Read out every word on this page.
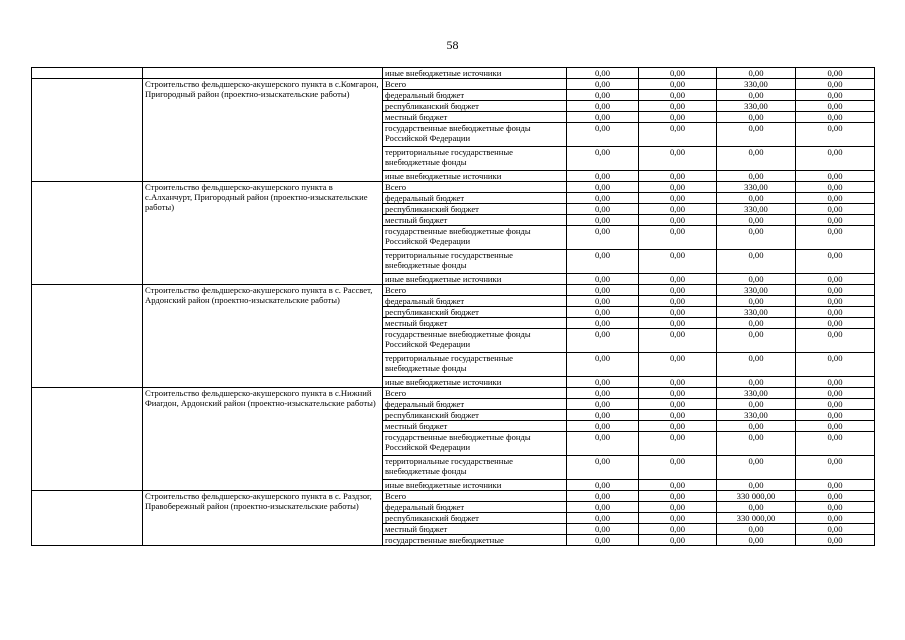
58
		иные внебюджетные источники	0,00	0,00	0,00	0,00
	Строительство фельдшерско-акушерского пункта в с.Комгарон, Пригородный район (проектно-изыскательские работы)	Всего	0,00	0,00	330,00	0,00
		федеральный бюджет	0,00	0,00	0,00	0,00
		республиканский бюджет	0,00	0,00	330,00	0,00
		местный бюджет	0,00	0,00	0,00	0,00
		государственные внебюджетные фонды Российской Федерации	0,00	0,00	0,00	0,00
		территориальные государственные внебюджетные фонды	0,00	0,00	0,00	0,00
		иные внебюджетные источники	0,00	0,00	0,00	0,00
	Строительство фельдшерско-акушерского пункта в с.Алханчурт, Пригородный район (проектно-изыскательские работы)	Всего	0,00	0,00	330,00	0,00
		федеральный бюджет	0,00	0,00	0,00	0,00
		республиканский бюджет	0,00	0,00	330,00	0,00
		местный бюджет	0,00	0,00	0,00	0,00
		государственные внебюджетные фонды Российской Федерации	0,00	0,00	0,00	0,00
		территориальные государственные внебюджетные фонды	0,00	0,00	0,00	0,00
		иные внебюджетные источники	0,00	0,00	0,00	0,00
	Строительство фельдшерско-акушерского пункта в с. Рассвет, Ардонский район (проектно-изыскательские работы)	Всего	0,00	0,00	330,00	0,00
		федеральный бюджет	0,00	0,00	0,00	0,00
		республиканский бюджет	0,00	0,00	330,00	0,00
		местный бюджет	0,00	0,00	0,00	0,00
		государственные внебюджетные фонды Российской Федерации	0,00	0,00	0,00	0,00
		территориальные государственные внебюджетные фонды	0,00	0,00	0,00	0,00
		иные внебюджетные источники	0,00	0,00	0,00	0,00
	Строительство фельдшерско-акушерского пункта в с.Нижний Фиагдон, Ардонский район (проектно-изыскательские работы)	Всего	0,00	0,00	330,00	0,00
		федеральный бюджет	0,00	0,00	0,00	0,00
		республиканский бюджет	0,00	0,00	330,00	0,00
		местный бюджет	0,00	0,00	0,00	0,00
		государственные внебюджетные фонды Российской Федерации	0,00	0,00	0,00	0,00
		территориальные государственные внебюджетные фонды	0,00	0,00	0,00	0,00
		иные внебюджетные источники	0,00	0,00	0,00	0,00
	Строительство фельдшерско-акушерского пункта в с. Раздзог, Правобережный район (проектно-изыскательские работы)	Всего	0,00	0,00	330 000,00	0,00
		федеральный бюджет	0,00	0,00	0,00	0,00
		республиканский бюджет	0,00	0,00	330 000,00	0,00
		местный бюджет	0,00	0,00	0,00	0,00
		государственные внебюджетные	0,00	0,00	0,00	0,00
